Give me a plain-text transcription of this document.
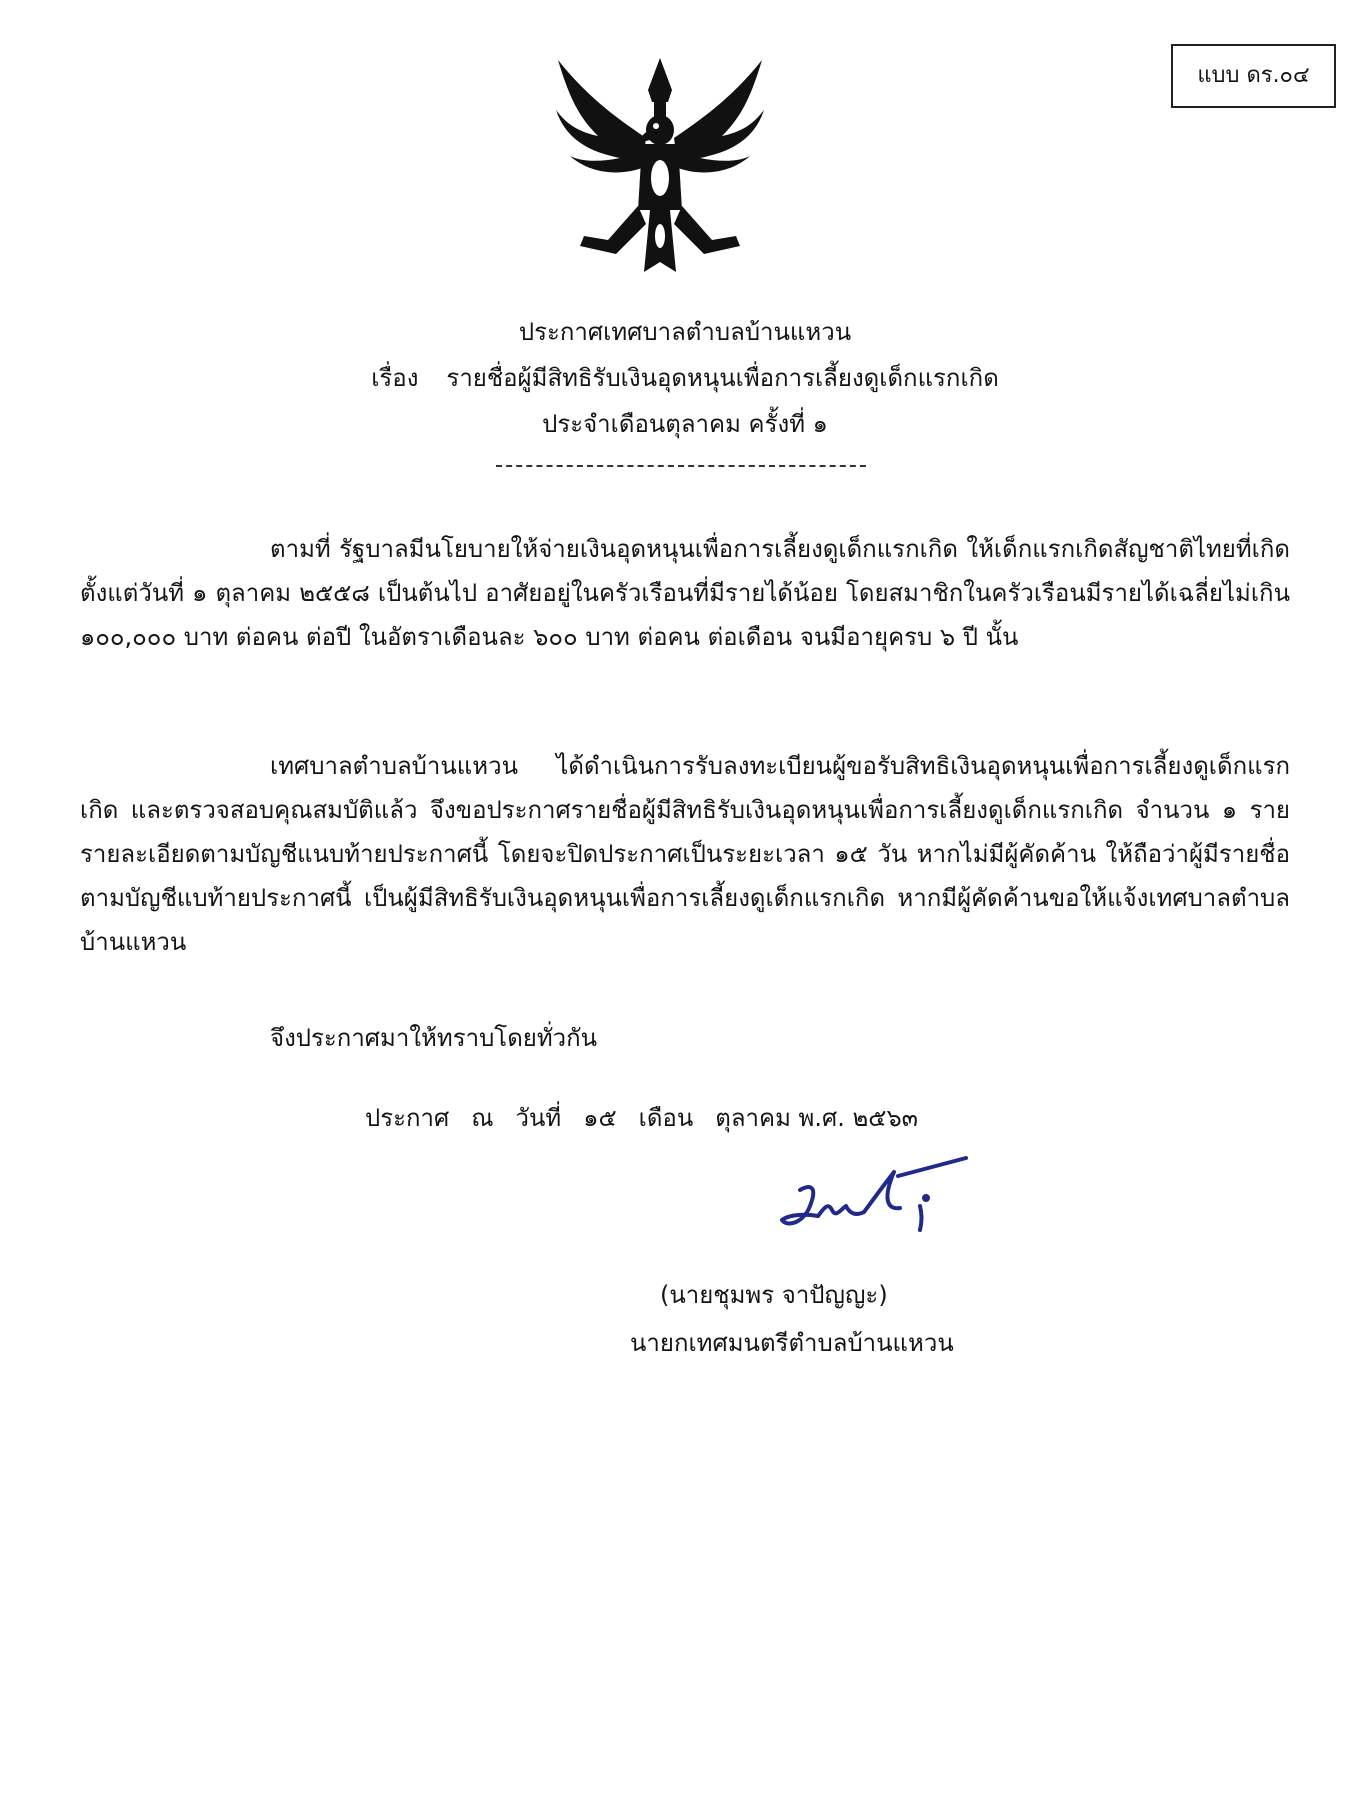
แบบ ดร.๐๔
ประกาศเทศบาลตำบลบ้านแหวน
เรื่อง รายชื่อผู้มีสิทธิรับเงินอุดหนุนเพื่อการเลี้ยงดูเด็กแรกเกิด
ประจำเดือนตุลาคม ครั้งที่ ๑
ตามที่ รัฐบาลมีนโยบายให้จ่ายเงินอุดหนุนเพื่อการเลี้ยงดูเด็กแรกเกิด ให้เด็กแรกเกิดสัญชาติไทยที่เกิดตั้งแต่วันที่ ๑ ตุลาคม ๒๕๕๘ เป็นต้นไป อาศัยอยู่ในครัวเรือนที่มีรายได้น้อย โดยสมาชิกในครัวเรือนมีรายได้เฉลี่ยไม่เกิน ๑๐๐,๐๐๐ บาท ต่อคน ต่อปี ในอัตราเดือนละ ๖๐๐ บาท ต่อคน ต่อเดือน จนมีอายุครบ ๖ ปี นั้น
เทศบาลตำบลบ้านแหวน ได้ดำเนินการรับลงทะเบียนผู้ขอรับสิทธิเงินอุดหนุนเพื่อการเลี้ยงดูเด็กแรกเกิด และตรวจสอบคุณสมบัติแล้ว จึงขอประกาศรายชื่อผู้มีสิทธิรับเงินอุดหนุนเพื่อการเลี้ยงดูเด็กแรกเกิด จำนวน ๑ ราย รายละเอียดตามบัญชีแนบท้ายประกาศนี้ โดยจะปิดประกาศเป็นระยะเวลา ๑๕ วัน หากไม่มีผู้คัดค้าน ให้ถือว่าผู้มีรายชื่อตามบัญชีแบท้ายประกาศนี้ เป็นผู้มีสิทธิรับเงินอุดหนุนเพื่อการเลี้ยงดูเด็กแรกเกิด หากมีผู้คัดค้านขอให้แจ้งเทศบาลตำบลบ้านแหวน
จึงประกาศมาให้ทราบโดยทั่วกัน
ประกาศ ณ วันที่ ๑๕ เดือน ตุลาคม พ.ศ. ๒๕๖๓
(นายชุมพร จาปัญญะ)
นายกเทศมนตรีตำบลบ้านแหวน
